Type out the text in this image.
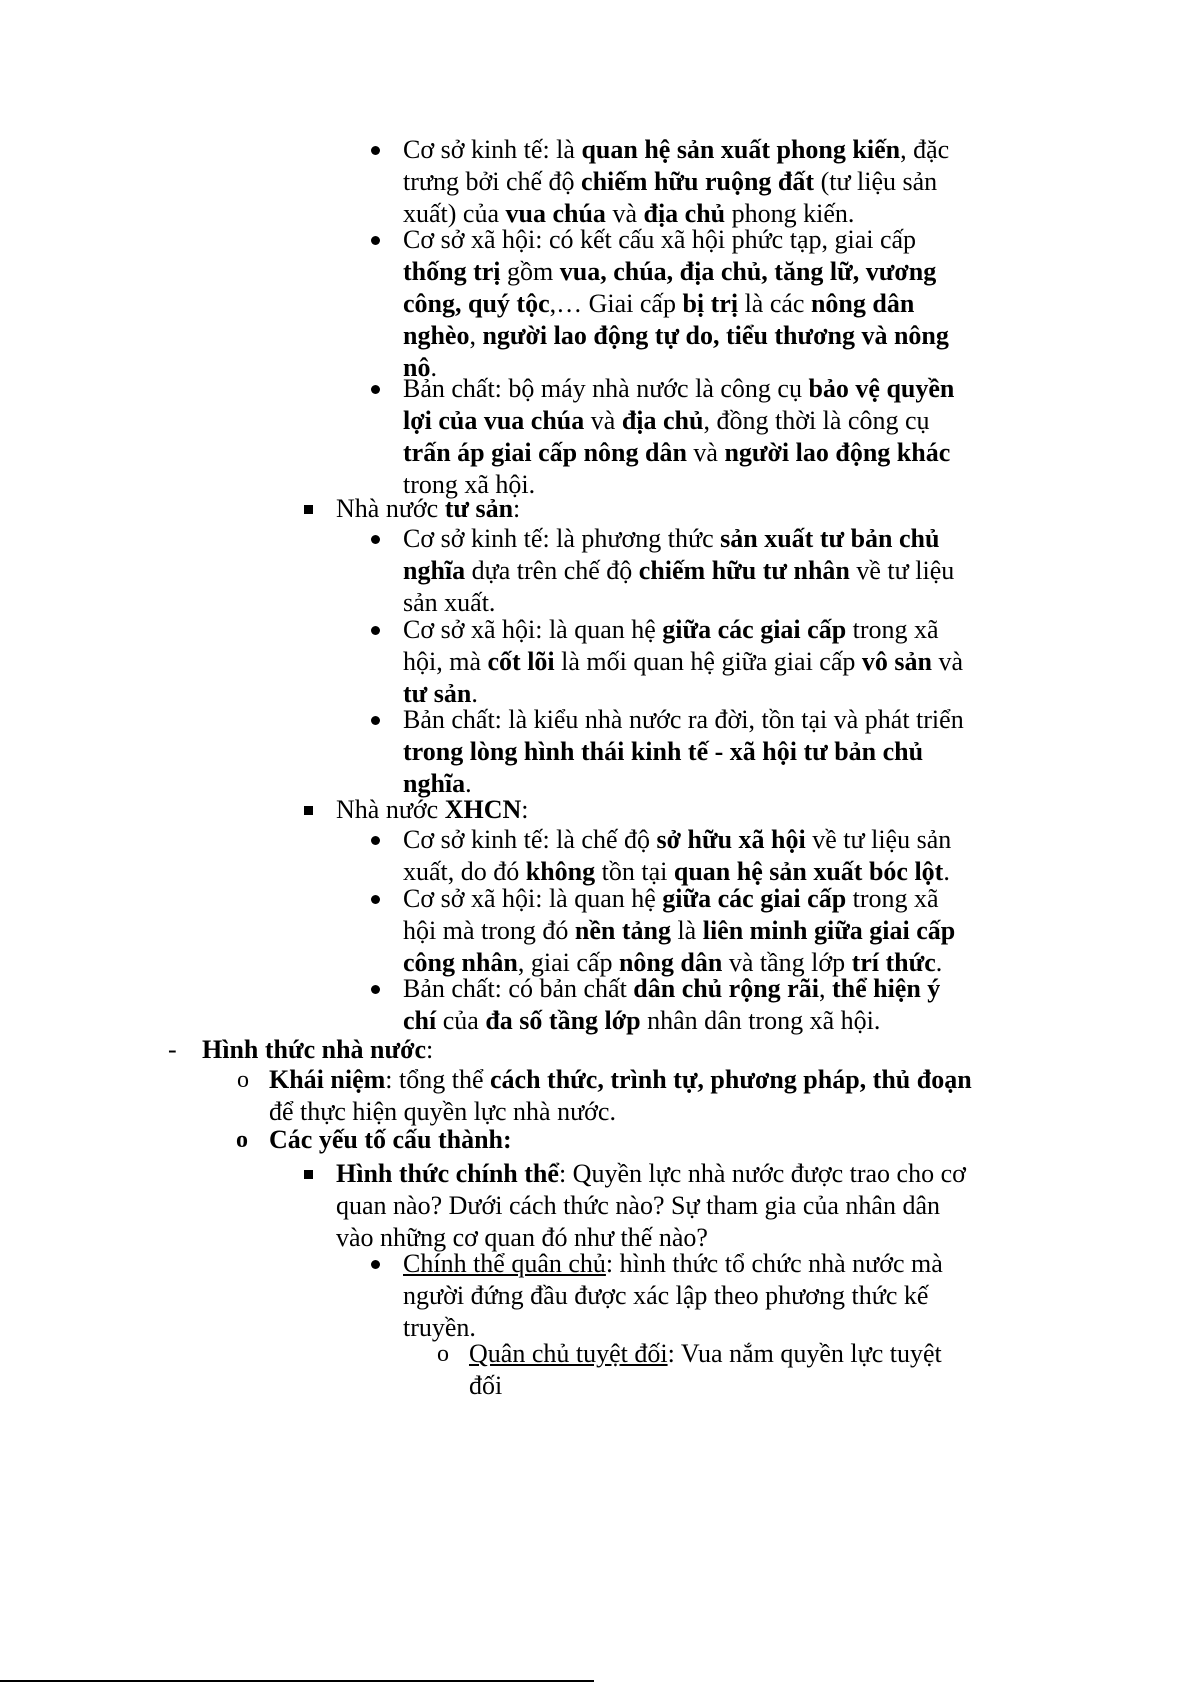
Cơ sở kinh tế: là quan hệ sản xuất phong kiến, đặc trưng bởi chế độ chiếm hữu ruộng đất (tư liệu sản xuất) của vua chúa và địa chủ phong kiến.
Cơ sở xã hội: có kết cấu xã hội phức tạp, giai cấp thống trị gồm vua, chúa, địa chủ, tăng lữ, vương công, quý tộc,… Giai cấp bị trị là các nông dân nghèo, người lao động tự do, tiểu thương và nông nô.
Bản chất: bộ máy nhà nước là công cụ bảo vệ quyền lợi của vua chúa và địa chủ, đồng thời là công cụ trấn áp giai cấp nông dân và người lao động khác trong xã hội.
Nhà nước tư sản:
Cơ sở kinh tế: là phương thức sản xuất tư bản chủ nghĩa dựa trên chế độ chiếm hữu tư nhân về tư liệu sản xuất.
Cơ sở xã hội: là quan hệ giữa các giai cấp trong xã hội, mà cốt lõi là mối quan hệ giữa giai cấp vô sản và tư sản.
Bản chất: là kiểu nhà nước ra đời, tồn tại và phát triển trong lòng hình thái kinh tế - xã hội tư bản chủ nghĩa.
Nhà nước XHCN:
Cơ sở kinh tế: là chế độ sở hữu xã hội về tư liệu sản xuất, do đó không tồn tại quan hệ sản xuất bóc lột.
Cơ sở xã hội: là quan hệ giữa các giai cấp trong xã hội mà trong đó nền tảng là liên minh giữa giai cấp công nhân, giai cấp nông dân và tầng lớp trí thức.
Bản chất: có bản chất dân chủ rộng rãi, thể hiện ý chí của đa số tầng lớp nhân dân trong xã hội.
- Hình thức nhà nước:
o Khái niệm: tổng thể cách thức, trình tự, phương pháp, thủ đoạn để thực hiện quyền lực nhà nước.
o Các yếu tố cấu thành:
Hình thức chính thể: Quyền lực nhà nước được trao cho cơ quan nào? Dưới cách thức nào? Sự tham gia của nhân dân vào những cơ quan đó như thế nào?
Chính thể quân chủ: hình thức tổ chức nhà nước mà người đứng đầu được xác lập theo phương thức kế truyền.
o Quân chủ tuyệt đối: Vua nắm quyền lực tuyệt đối
